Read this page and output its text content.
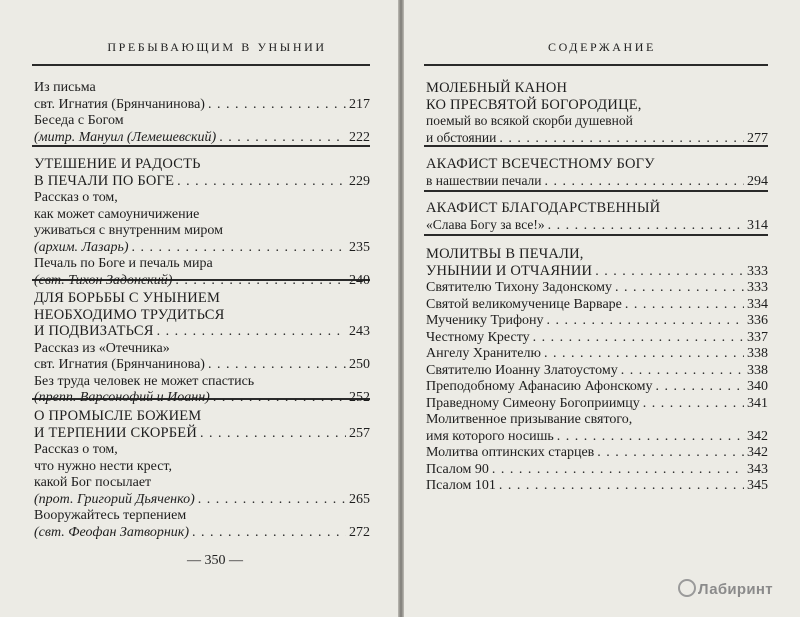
ПРЕБЫВАЮЩИМ В УНЫНИИ
Из письма
свт. Игнатия (Брянчанинова) . . .	217
Беседа с Богом
(митр. Мануил (Лемешевский) . . .	222
УТЕШЕНИЕ И РАДОСТЬ
В ПЕЧАЛИ ПО БОГЕ . . .	229
Рассказ о том,
как может самоуничижение
уживаться с внутренним миром
(архим. Лазарь) . . .	235
Печаль по Боге и печаль мира
(свт. Тихон Задонский) . . .	240
ДЛЯ БОРЬБЫ С УНЫНИЕМ
НЕОБХОДИМО ТРУДИТЬСЯ
И ПОДВИЗАТЬСЯ . . .	243
Рассказ из «Отечника»
свт. Игнатия (Брянчанинова) . . .	250
Без труда человек не может спастись
(препп. Варсонофий и Иоанн) . . .	252
О ПРОМЫСЛЕ БОЖИЕМ
И ТЕРПЕНИИ СКОРБЕЙ . . .	257
Рассказ о том,
что нужно нести крест,
какой Бог посылает
(прот. Григорий Дьяченко) . . .	265
Вооружайтесь терпением
(свт. Феофан Затворник) . . .	272
— 350 —
СОДЕРЖАНИЕ
МОЛЕБНЫЙ КАНОН
КО ПРЕСВЯТОЙ БОГОРОДИЦЕ,
поемый во всякой скорби душевной
и обстоянии . . .	277
АКАФИСТ ВСЕЧЕСТНОМУ БОГУ
в нашествии печали . . .	294
АКАФИСТ БЛАГОДАРСТВЕННЫЙ
«Слава Богу за все!» . . .	314
МОЛИТВЫ В ПЕЧАЛИ,
УНЫНИИ И ОТЧАЯНИИ . . .	333
Святителю Тихону Задонскому . . .	333
Святой великомученице Варваре . . .	334
Мученику Трифону . . .	336
Честному Кресту . . .	337
Ангелу Хранителю . . .	338
Святителю Иоанну Златоустому . . .	338
Преподобному Афанасию Афонскому . . .	340
Праведному Симеону Богоприимцу . . .	341
Молитвенное призывание святого,
имя которого носишь . . .	342
Молитва оптинских старцев . . .	342
Псалом 90 . . .	343
Псалом 101 . . .	345
Лабиринт
